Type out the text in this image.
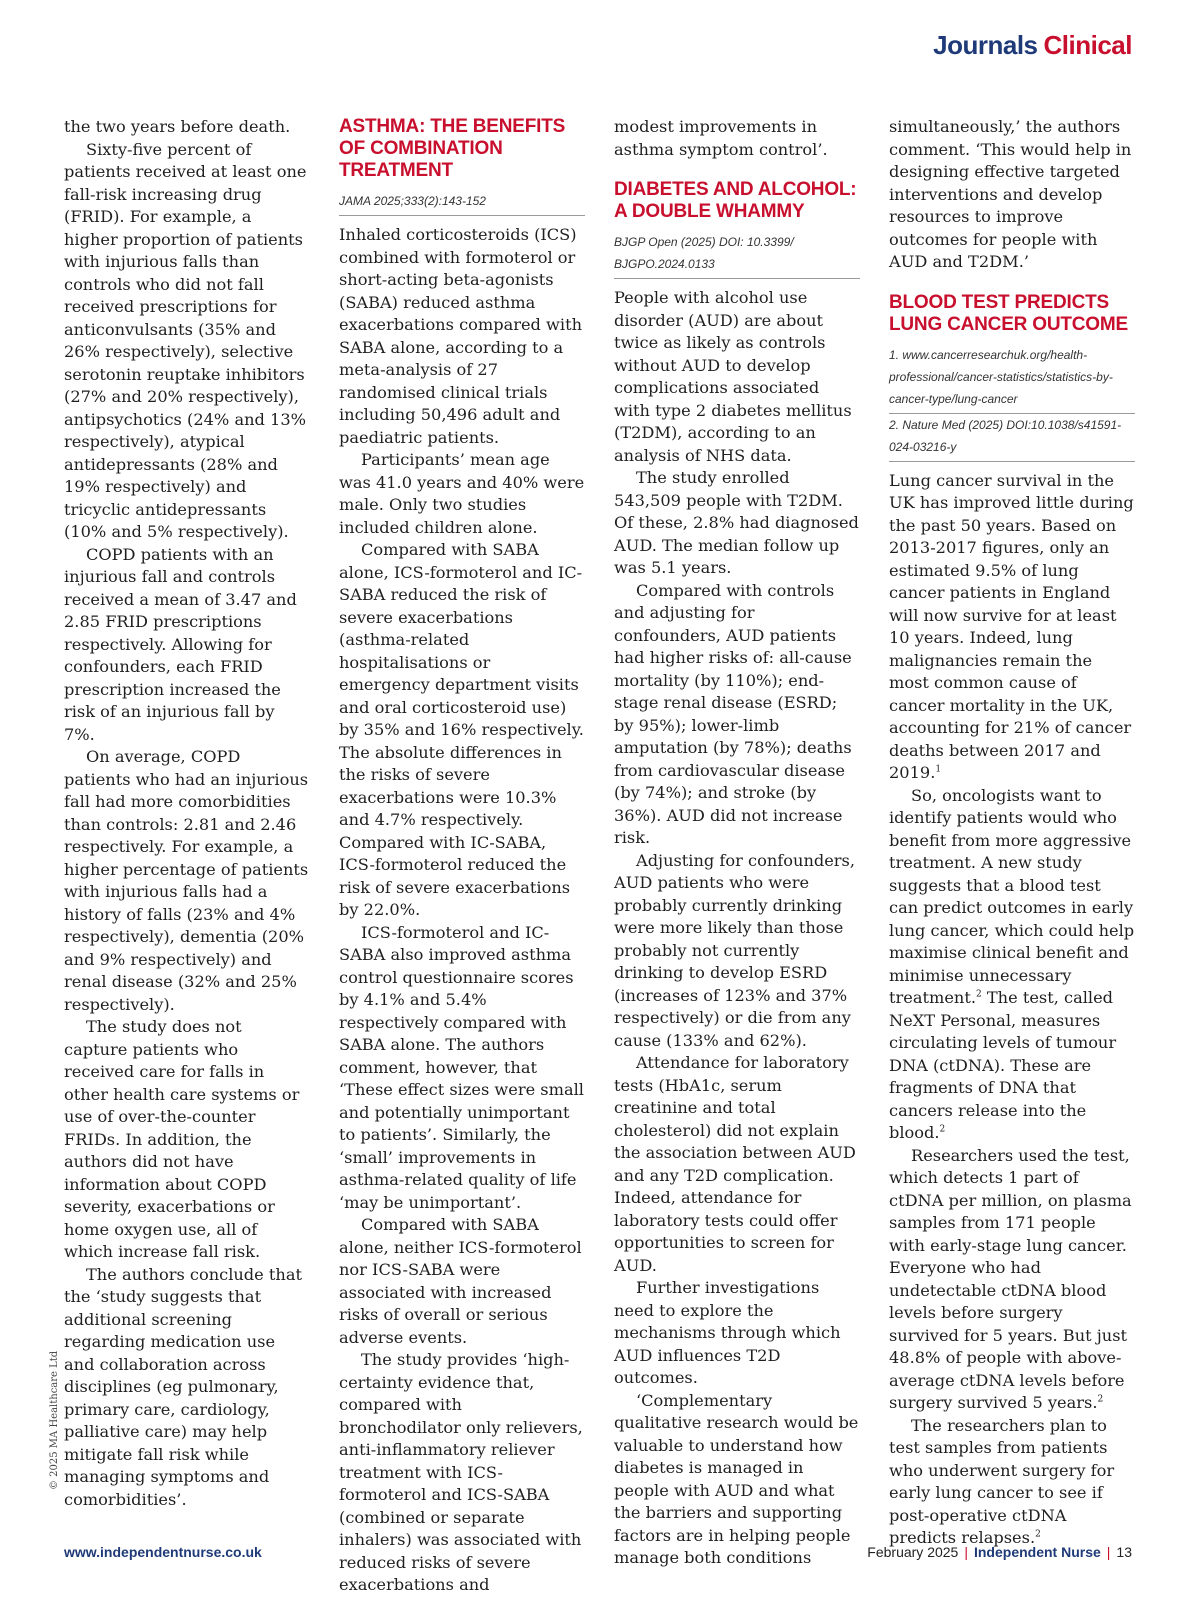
Journals Clinical
© 2025 MA Healthcare Ltd

the two years before death.

Sixty-five percent of patients received at least one fall-risk increasing drug (FRID). For example, a higher proportion of patients with injurious falls than controls who did not fall received prescriptions for anticonvulsants (35% and 26% respectively), selective serotonin reuptake inhibitors (27% and 20% respectively), antipsychotics (24% and 13% respectively), atypical antidepressants (28% and 19% respectively) and tricyclic antidepressants (10% and 5% respectively).

COPD patients with an injurious fall and controls received a mean of 3.47 and 2.85 FRID prescriptions respectively. Allowing for confounders, each FRID prescription increased the risk of an injurious fall by 7%.

On average, COPD patients who had an injurious fall had more comorbidities than controls: 2.81 and 2.46 respectively. For example, a higher percentage of patients with injurious falls had a history of falls (23% and 4% respectively), dementia (20% and 9% respectively) and renal disease (32% and 25% respectively).

The study does not capture patients who received care for falls in other health care systems or use of over-the-counter FRIDs. In addition, the authors did not have information about COPD severity, exacerbations or home oxygen use, all of which increase fall risk.

The authors conclude that the ‘study suggests that additional screening regarding medication use and collaboration across disciplines (eg pulmonary, primary care, cardiology, palliative care) may help mitigate fall risk while managing symptoms and comorbidities’.

ASTHMA: THE BENEFITS OF COMBINATION TREATMENT
JAMA 2025;333(2):143-152

Inhaled corticosteroids (ICS) combined with formoterol or short-acting beta-agonists (SABA) reduced asthma exacerbations compared with SABA alone, according to a meta-analysis of 27 randomised clinical trials including 50,496 adult and paediatric patients.

Participants’ mean age was 41.0 years and 40% were male. Only two studies included children alone.

Compared with SABA alone, ICS-formoterol and IC-SABA reduced the risk of severe exacerbations (asthma-related hospitalisations or emergency department visits and oral corticosteroid use) by 35% and 16% respectively. The absolute differences in the risks of severe exacerbations were 10.3% and 4.7% respectively. Compared with IC-SABA, ICS-formoterol reduced the risk of severe exacerbations by 22.0%.

ICS-formoterol and IC-SABA also improved asthma control questionnaire scores by 4.1% and 5.4% respectively compared with SABA alone. The authors comment, however, that ‘These effect sizes were small and potentially unimportant to patients’. Similarly, the ‘small’ improvements in asthma-related quality of life ‘may be unimportant’.

Compared with SABA alone, neither ICS-formoterol nor ICS-SABA were associated with increased risks of overall or serious adverse events.

The study provides ‘high-certainty evidence that, compared with bronchodilator only relievers, anti-inflammatory reliever treatment with ICS-formoterol and ICS-SABA (combined or separate inhalers) was associated with reduced risks of severe exacerbations and

modest improvements in asthma symptom control’.

DIABETES AND ALCOHOL: A DOUBLE WHAMMY
BJGP Open (2025) DOI: 10.3399/ BJGPO.2024.0133

People with alcohol use disorder (AUD) are about twice as likely as controls without AUD to develop complications associated with type 2 diabetes mellitus (T2DM), according to an analysis of NHS data.

The study enrolled 543,509 people with T2DM. Of these, 2.8% had diagnosed AUD. The median follow up was 5.1 years.

Compared with controls and adjusting for confounders, AUD patients had higher risks of: all-cause mortality (by 110%); end-stage renal disease (ESRD; by 95%); lower-limb amputation (by 78%); deaths from cardiovascular disease (by 74%); and stroke (by 36%). AUD did not increase risk.

Adjusting for confounders, AUD patients who were probably currently drinking were more likely than those probably not currently drinking to develop ESRD (increases of 123% and 37% respectively) or die from any cause (133% and 62%).

Attendance for laboratory tests (HbA1c, serum creatinine and total cholesterol) did not explain the association between AUD and any T2D complication. Indeed, attendance for laboratory tests could offer opportunities to screen for AUD.

Further investigations need to explore the mechanisms through which AUD influences T2D outcomes.

‘Complementary qualitative research would be valuable to understand how diabetes is managed in people with AUD and what the barriers and supporting factors are in helping people manage both conditions

simultaneously,’ the authors comment. ‘This would help in designing effective targeted interventions and develop resources to improve outcomes for people with AUD and T2DM.’

BLOOD TEST PREDICTS LUNG CANCER OUTCOME
1. www.cancerresearchuk.org/health-professional/cancer-statistics/statistics-by-cancer-type/lung-cancer
2. Nature Med (2025) DOI:10.1038/s41591-024-03216-y

Lung cancer survival in the UK has improved little during the past 50 years. Based on 2013-2017 figures, only an estimated 9.5% of lung cancer patients in England will now survive for at least 10 years. Indeed, lung malignancies remain the most common cause of cancer mortality in the UK, accounting for 21% of cancer deaths between 2017 and 2019.$^1$

So, oncologists want to identify patients would who benefit from more aggressive treatment. A new study suggests that a blood test can predict outcomes in early lung cancer, which could help maximise clinical benefit and minimise unnecessary treatment.$^2$ The test, called NeXT Personal, measures circulating levels of tumour DNA (ctDNA). These are fragments of DNA that cancers release into the blood.$^2$

Researchers used the test, which detects 1 part of ctDNA per million, on plasma samples from 171 people with early-stage lung cancer. Everyone who had undetectable ctDNA blood levels before surgery survived for 5 years. But just 48.8% of people with above-average ctDNA levels before surgery survived 5 years.$^2$

The researchers plan to test samples from patients who underwent surgery for early lung cancer to see if post-operative ctDNA predicts relapses.$^2$

www.independentnurse.co.uk	February 2025 | Independent Nurse | 13
